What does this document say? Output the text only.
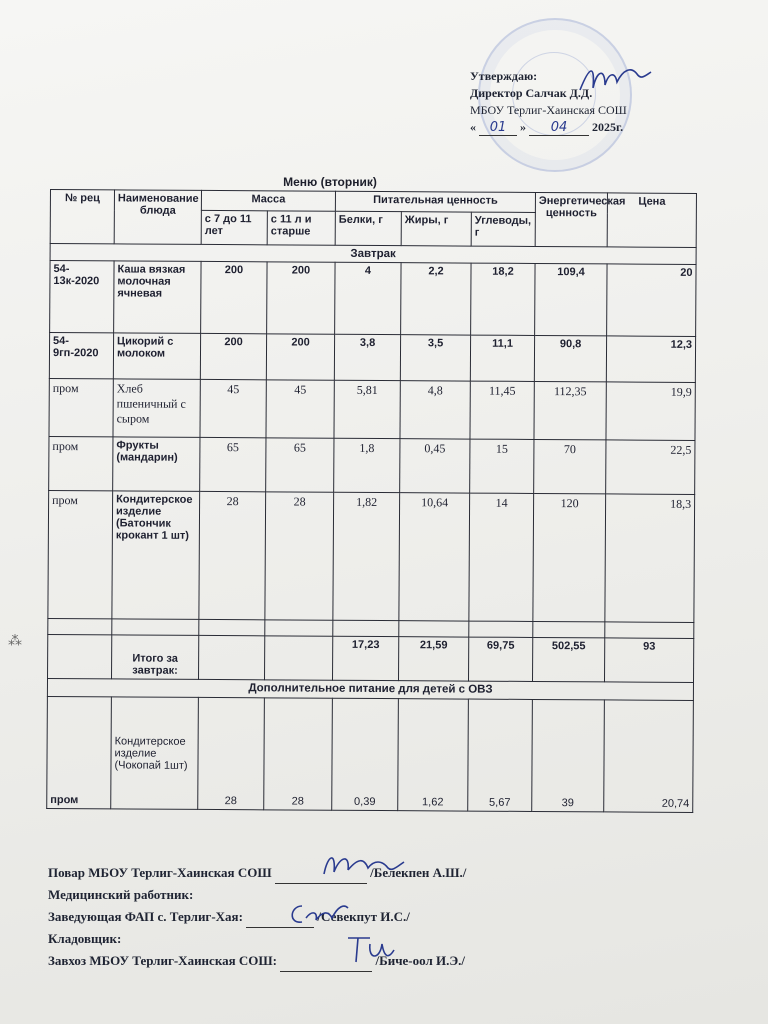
Утверждаю:
Директор Салчак Д.Д.
МБОУ Терлиг-Хаинская СОШ
« 01 » 04 2025г.
Меню (вторник)
№ рец	Наименование блюда	Масса		Питательная ценность			Энергетическая ценность	Цена
		с 7 до 11 лет	с 11 л и старше	Белки, г	Жиры, г	Углеводы, г		
Завтрак								
54-13к-2020	Каша вязкая молочная ячневая	200	200	4	2,2	18,2	109,4	20
54-9гп-2020	Цикорий с молоком	200	200	3,8	3,5	11,1	90,8	12,3
пром	Хлеб пшеничный с сыром	45	45	5,81	4,8	11,45	112,35	19,9
пром	Фрукты (мандарин)	65	65	1,8	0,45	15	70	22,5
пром	Кондитерское изделие (Батончик крокант 1 шт)	28	28	1,82	10,64	14	120	18,3

	Итого за завтрак:			17,23	21,59	69,75	502,55	93
Дополнительное питание для детей с ОВЗ								
пром	Кондитерское изделие (Чокопай 1шт)	28	28	0,39	1,62	5,67	39	20,74
⁂
Повар МБОУ Терлиг-Хаинская СОШ	/Белекпен А.Ш./
Медицинский работник:
Заведующая ФАП с. Терлиг-Хая:	/Севекпут И.С./
Кладовщик:
Завхоз МБОУ Терлиг-Хаинская СОШ:	/Биче-оол И.Э./
